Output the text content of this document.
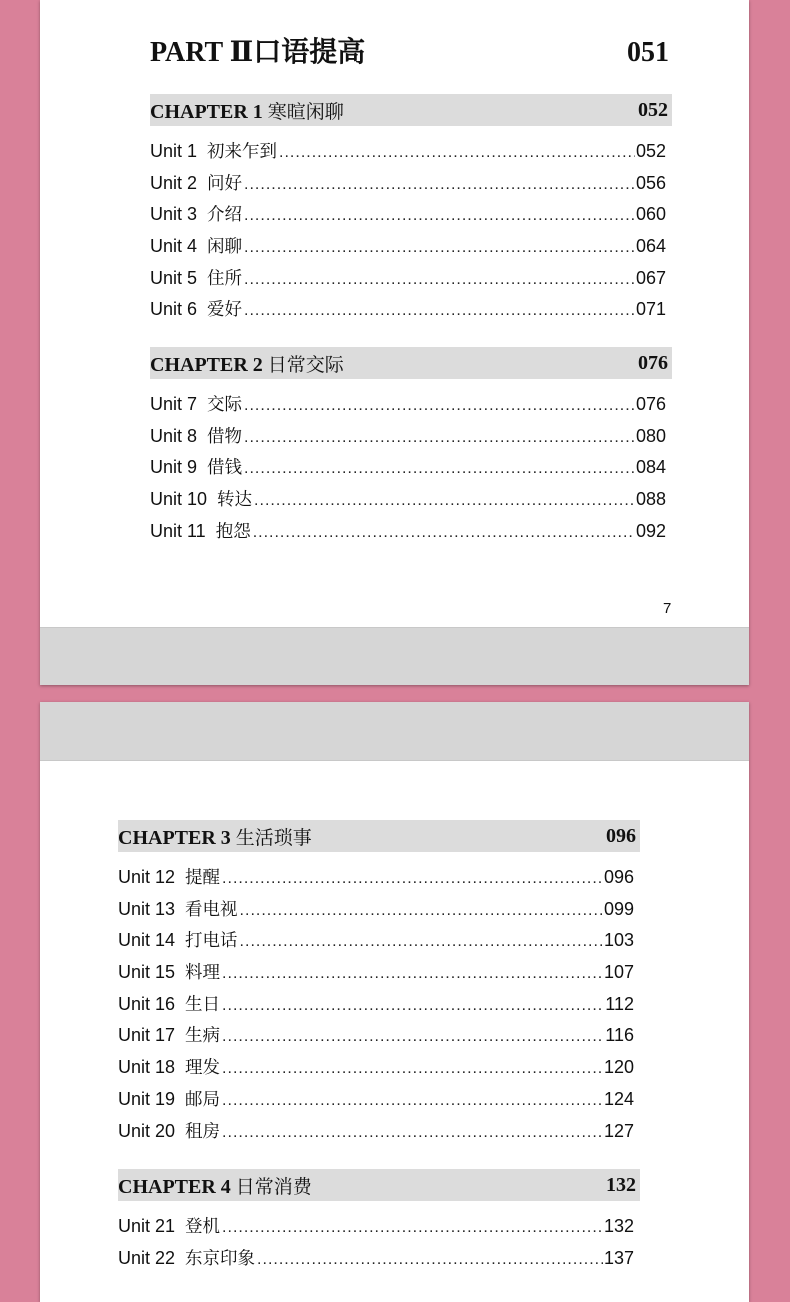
PART Ⅱ口语提高	051
CHAPTER 1 寒暄闲聊	052
Unit 1 初来乍到 .....	052
Unit 2 问好 .....	056
Unit 3 介绍 .....	060
Unit 4 闲聊 .....	064
Unit 5 住所 .....	067
Unit 6 爱好 .....	071
CHAPTER 2 日常交际	076
Unit 7 交际 .....	076
Unit 8 借物 .....	080
Unit 9 借钱 .....	084
Unit 10 转达 .....	088
Unit 11 抱怨 .....	092
7
CHAPTER 3 生活琐事	096
Unit 12 提醒 .....	096
Unit 13 看电视 .....	099
Unit 14 打电话 .....	103
Unit 15 料理 .....	107
Unit 16 生日 .....	112
Unit 17 生病 .....	116
Unit 18 理发 .....	120
Unit 19 邮局 .....	124
Unit 20 租房 .....	127
CHAPTER 4 日常消费	132
Unit 21 登机 .....	132
Unit 22 东京印象 .....	137
